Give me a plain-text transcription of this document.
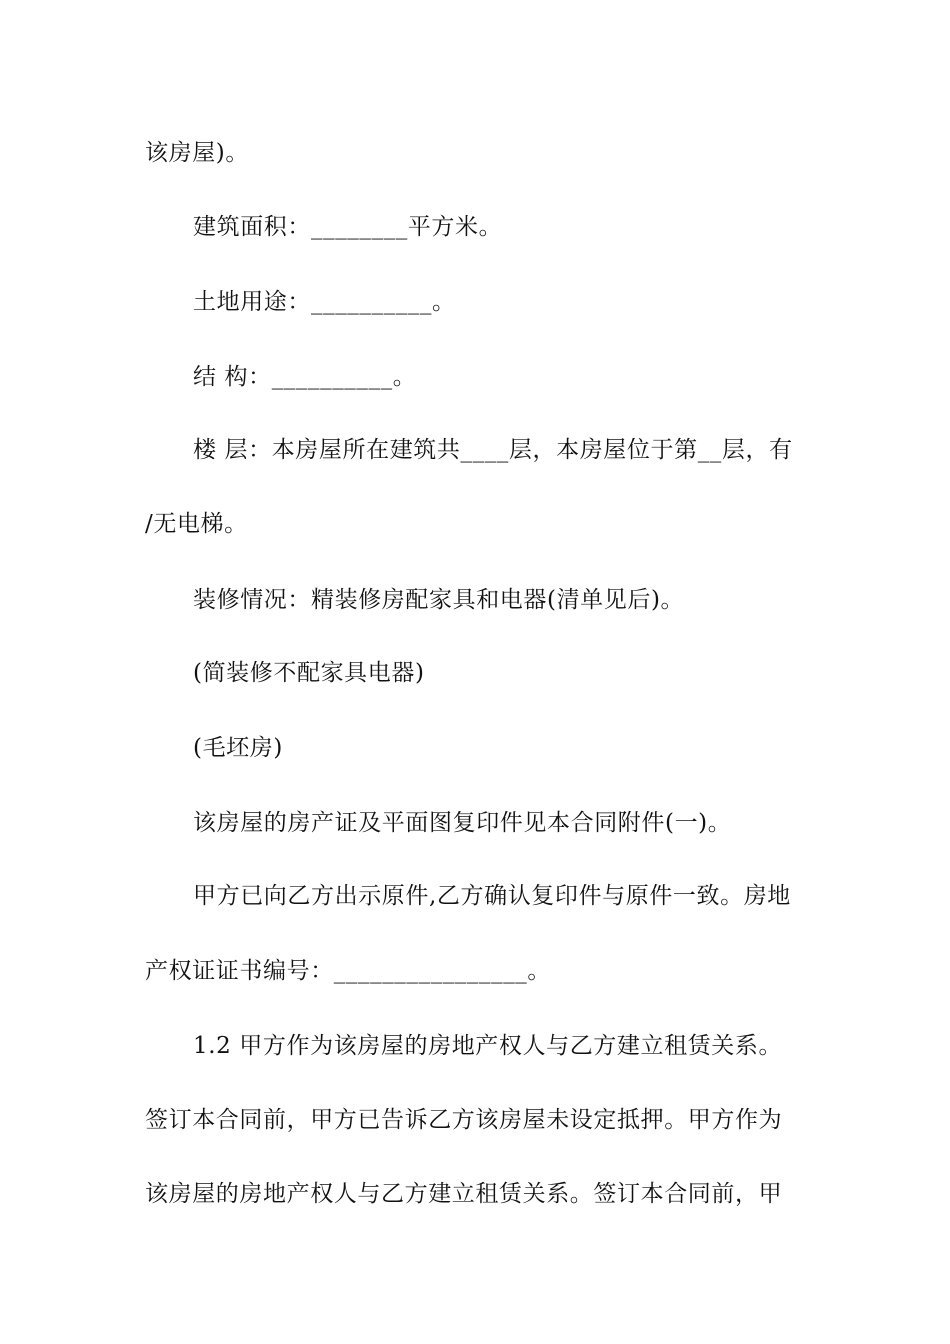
该房屋)。
建筑面积：________平方米。
土地用途：__________。
结 构：__________。
楼 层：本房屋所在建筑共____层，本房屋位于第__层，有
/无电梯。
装修情况：精装修房配家具和电器(清单见后)。
(简装修不配家具电器)
(毛坯房)
该房屋的房产证及平面图复印件见本合同附件(一)。
甲方已向乙方出示原件,乙方确认复印件与原件一致。房地
产权证证书编号：________________。
1.2 甲方作为该房屋的房地产权人与乙方建立租赁关系。
签订本合同前，甲方已告诉乙方该房屋未设定抵押。甲方作为
该房屋的房地产权人与乙方建立租赁关系。签订本合同前，甲
